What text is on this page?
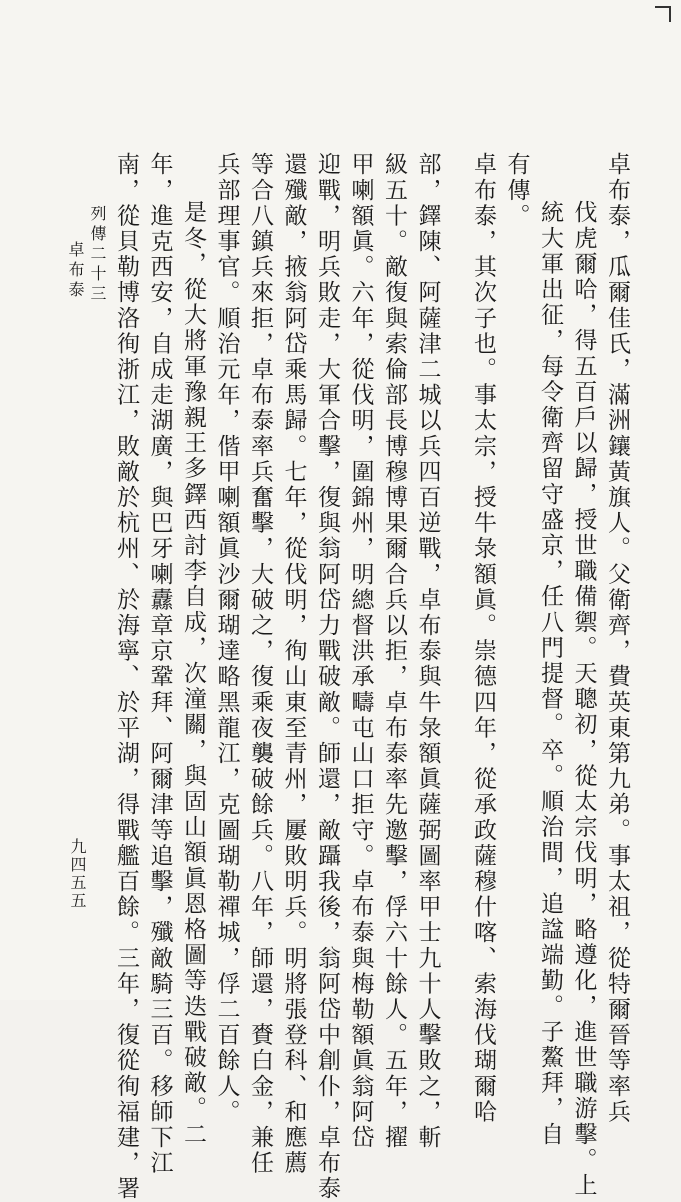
卓布泰，瓜爾佳氏，滿洲鑲黃旗人。父衛齊，費英東第九弟。事太祖，從特爾晉等率兵
伐虎爾哈，得五百戶以歸，授世職備禦。天聰初，從太宗伐明，略遵化，進世職游擊。上
統大軍出征，每令衛齊留守盛京，任八門提督。卒。順治間，追諡端勤。子鰲拜，自
有傳。
卓布泰，其次子也。事太宗，授牛彔額眞。崇德四年，從承政薩穆什喀、索海伐瑚爾哈
部，鐸陳、阿薩津二城以兵四百逆戰，卓布泰與牛彔額眞薩弼圖率甲士九十人擊敗之，斬
級五十。敵復與索倫部長博穆博果爾合兵以拒，卓布泰率先邀擊，俘六十餘人。五年，擢
甲喇額眞。六年，從伐明，圍錦州，明總督洪承疇屯山口拒守。卓布泰與梅勒額眞翁阿岱
迎戰，明兵敗走，大軍合擊，復與翁阿岱力戰破敵。師還，敵躡我後，翁阿岱中創仆，卓布泰
還殲敵，掖翁阿岱乘馬歸。七年，從伐明，徇山東至青州，屢敗明兵。明將張登科、和應薦
等合八鎮兵來拒，卓布泰率兵奮擊，大破之，復乘夜襲破餘兵。八年，師還，賚白金，兼任
兵部理事官。順治元年，偕甲喇額眞沙爾瑚達略黑龍江，克圖瑚勒禪城，俘二百餘人。
是冬，從大將軍豫親王多鐸西討李自成，次潼關，與固山額眞恩格圖等迭戰破敵。二
年，進克西安，自成走湖廣，與巴牙喇纛章京鞏拜、阿爾津等追擊，殲敵騎三百。移師下江
南，從貝勒博洛徇浙江，敗敵於杭州、於海寧、於平湖，得戰艦百餘。三年，復從徇福建，署
列傳二十三 卓布泰
九四五五
